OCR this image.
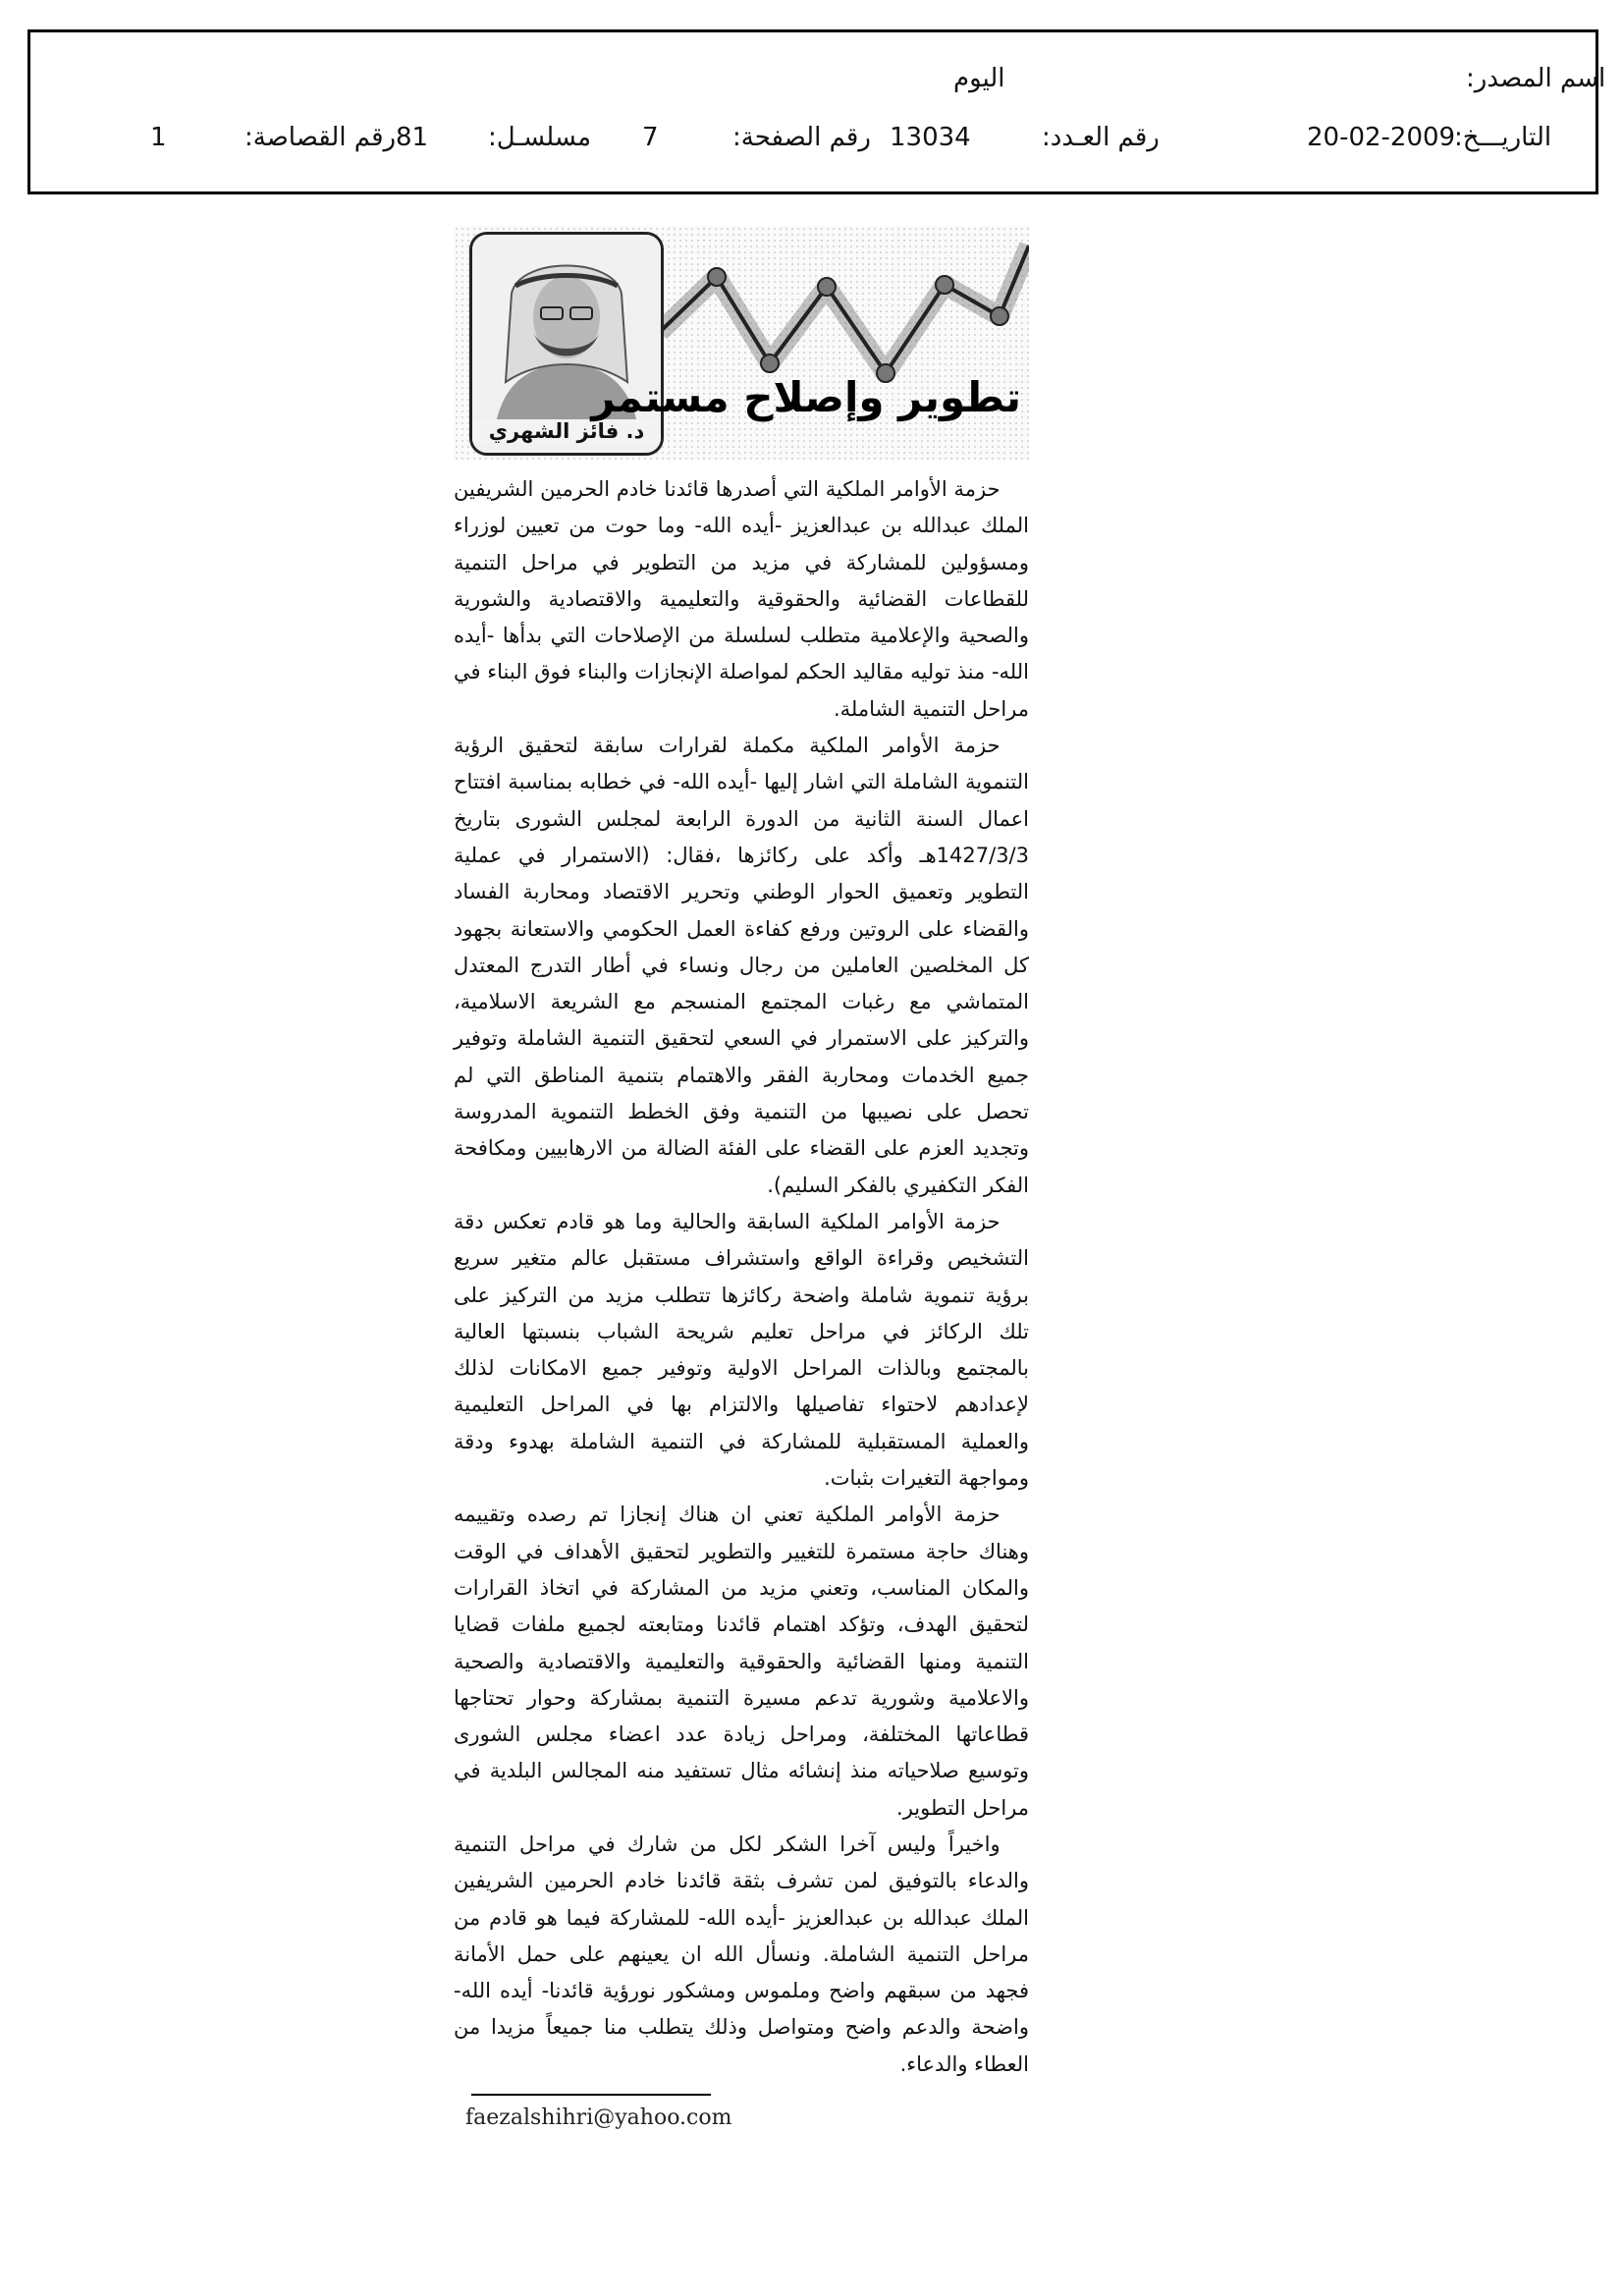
اسم المصدر:
اليوم
التاريـــخ:
20-02-2009
رقم العـدد:
13034
رقم الصفحة:
7
مسلسـل:
81
رقم القصاصة:
1
د. فائز الشهري
تطوير وإصلاح مستمر

حزمة الأوامر الملكية التي أصدرها قائدنا خادم الحرمين الشريفين الملك عبدالله بن عبدالعزيز -أيده الله- وما حوت من تعيين لوزراء ومسؤولين للمشاركة في مزيد من التطوير في مراحل التنمية للقطاعات القضائية والحقوقية والتعليمية والاقتصادية والشورية والصحية والإعلامية متطلب لسلسلة من الإصلاحات التي بدأها -أيده الله- منذ توليه مقاليد الحكم لمواصلة الإنجازات والبناء فوق البناء في مراحل التنمية الشاملة.

حزمة الأوامر الملكية مكملة لقرارات سابقة لتحقيق الرؤية التنموية الشاملة التي اشار إليها -أيده الله- في خطابه بمناسبة افتتاح اعمال السنة الثانية من الدورة الرابعة لمجلس الشورى بتاريخ 1427/3/3هـ وأكد على ركائزها ،فقال: (الاستمرار في عملية التطوير وتعميق الحوار الوطني وتحرير الاقتصاد ومحاربة الفساد والقضاء على الروتين ورفع كفاءة العمل الحكومي والاستعانة بجهود كل المخلصين العاملين من رجال ونساء في أطار التدرج المعتدل المتماشي مع رغبات المجتمع المنسجم مع الشريعة الاسلامية، والتركيز على الاستمرار في السعي لتحقيق التنمية الشاملة وتوفير جميع الخدمات ومحاربة الفقر والاهتمام بتنمية المناطق التي لم تحصل على نصيبها من التنمية وفق الخطط التنموية المدروسة وتجديد العزم على القضاء على الفئة الضالة من الارهابيين ومكافحة الفكر التكفيري بالفكر السليم).

حزمة الأوامر الملكية السابقة والحالية وما هو قادم تعكس دقة التشخيص وقراءة الواقع واستشراف مستقبل عالم متغير سريع برؤية تنموية شاملة واضحة ركائزها تتطلب مزيد من التركيز على تلك الركائز في مراحل تعليم شريحة الشباب بنسبتها العالية بالمجتمع وبالذات المراحل الاولية وتوفير جميع الامكانات لذلك لإعدادهم لاحتواء تفاصيلها والالتزام بها في المراحل التعليمية والعملية المستقبلية للمشاركة في التنمية الشاملة بهدوء ودقة ومواجهة التغيرات بثبات.

حزمة الأوامر الملكية تعني ان هناك إنجازا تم رصده وتقييمه وهناك حاجة مستمرة للتغيير والتطوير لتحقيق الأهداف في الوقت والمكان المناسب، وتعني مزيد من المشاركة في اتخاذ القرارات لتحقيق الهدف، وتؤكد اهتمام قائدنا ومتابعته لجميع ملفات قضايا التنمية ومنها القضائية والحقوقية والتعليمية والاقتصادية والصحية والاعلامية وشورية تدعم مسيرة التنمية بمشاركة وحوار تحتاجها قطاعاتها المختلفة، ومراحل زيادة عدد اعضاء مجلس الشورى وتوسيع صلاحياته منذ إنشائه مثال تستفيد منه المجالس البلدية في مراحل التطوير.

واخيراً وليس آخرا الشكر لكل من شارك في مراحل التنمية والدعاء بالتوفيق لمن تشرف بثقة قائدنا خادم الحرمين الشريفين الملك عبدالله بن عبدالعزيز -أيده الله- للمشاركة فيما هو قادم من مراحل التنمية الشاملة. ونسأل الله ان يعينهم على حمل الأمانة فجهد من سبقهم واضح وملموس ومشكور نورؤية قائدنا- أيده الله- واضحة والدعم واضح ومتواصل وذلك يتطلب منا جميعاً مزيدا من العطاء والدعاء.

faezalshihri@yahoo.com
